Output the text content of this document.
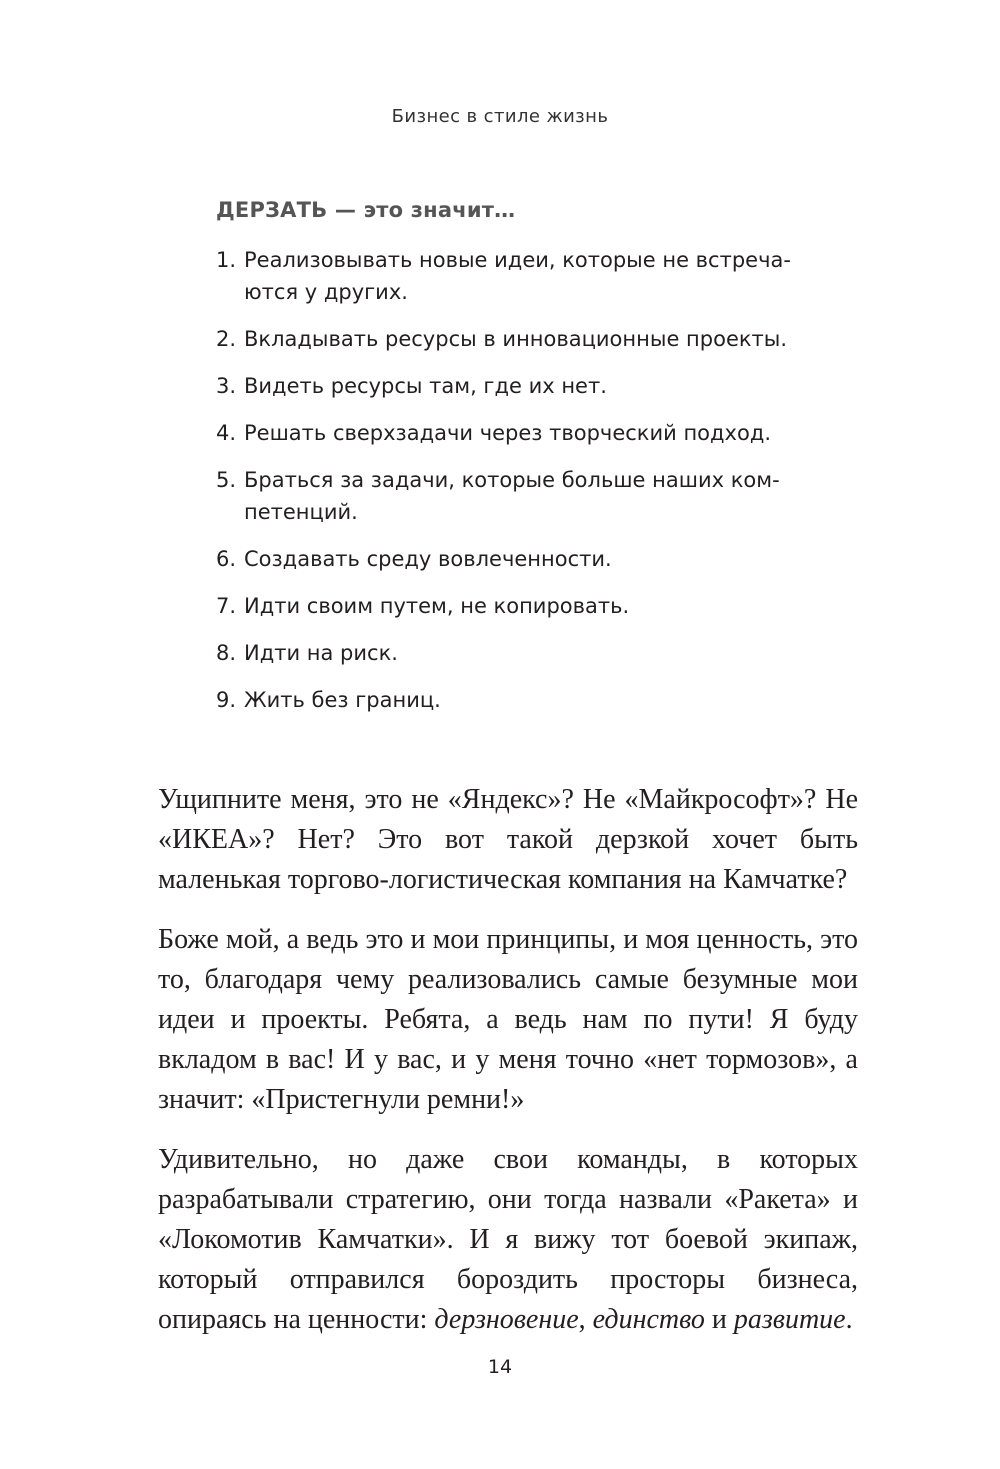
Бизнес в стиле жизнь
ДЕРЗАТЬ — это значит…
1. Реализовывать новые идеи, которые не встреча-ются у других.
2. Вкладывать ресурсы в инновационные проекты.
3. Видеть ресурсы там, где их нет.
4. Решать сверхзадачи через творческий подход.
5. Браться за задачи, которые больше наших ком-петенций.
6. Создавать среду вовлеченности.
7. Идти своим путем, не копировать.
8. Идти на риск.
9. Жить без границ.

Ущипните меня, это не «Яндекс»? Не «Майкрософт»? Не «ИКЕА»? Нет? Это вот такой дерзкой хочет быть маленькая торгово-логистическая компания на Камчатке?

Боже мой, а ведь это и мои принципы, и моя ценность, это то, благодаря чему реализовались самые безумные мои идеи и проекты. Ребята, а ведь нам по пути! Я буду вкладом в вас! И у вас, и у меня точно «нет тормозов», а значит: «Пристегнули ремни!»

Удивительно, но даже свои команды, в которых разрабатывали стратегию, они тогда назвали «Ракета» и «Локомотив Камчатки». И я вижу тот боевой экипаж, который отправился бороздить просторы бизнеса, опираясь на ценности: дерзновение, единство и развитие.

14
